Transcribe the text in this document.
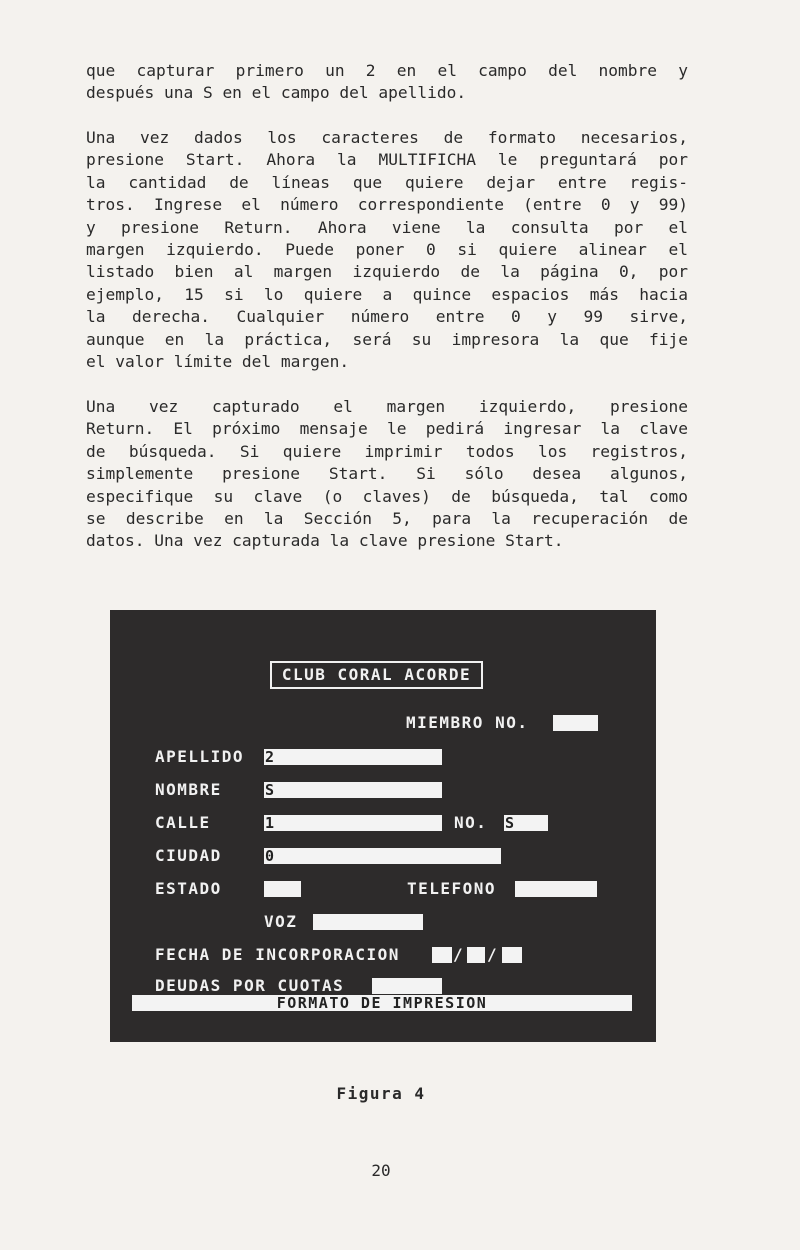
que capturar primero un 2 en el campo del nombre y
después una S en el campo del apellido.
Una vez dados los caracteres de formato necesarios,
presione Start. Ahora la MULTIFICHA le preguntará por
la cantidad de líneas que quiere dejar entre regis-
tros. Ingrese el número correspondiente (entre 0 y 99)
y presione Return. Ahora viene la consulta por el
margen izquierdo. Puede poner 0 si quiere alinear el
listado bien al margen izquierdo de la página 0, por
ejemplo, 15 si lo quiere a quince espacios más hacia
la derecha. Cualquier número entre 0 y 99 sirve,
aunque en la práctica, será su impresora la que fije
el valor límite del margen.
Una vez capturado el margen izquierdo, presione
Return. El próximo mensaje le pedirá ingresar la clave
de búsqueda. Si quiere imprimir todos los registros,
simplemente presione Start. Si sólo desea algunos,
especifique su clave (o claves) de búsqueda, tal como
se describe en la Sección 5, para la recuperación de
datos. Una vez capturada la clave presione Start.
CLUB CORAL ACORDE
MIEMBRO NO.
APELLIDO 2
NOMBRE	S
CALLE	1	NO. S
CIUDAD	0
ESTADO	TELEFONO
VOZ
FECHA DE INCORPORACION	/ /
DEUDAS POR CUOTAS
FORMATO DE IMPRESION
Figura 4
20
